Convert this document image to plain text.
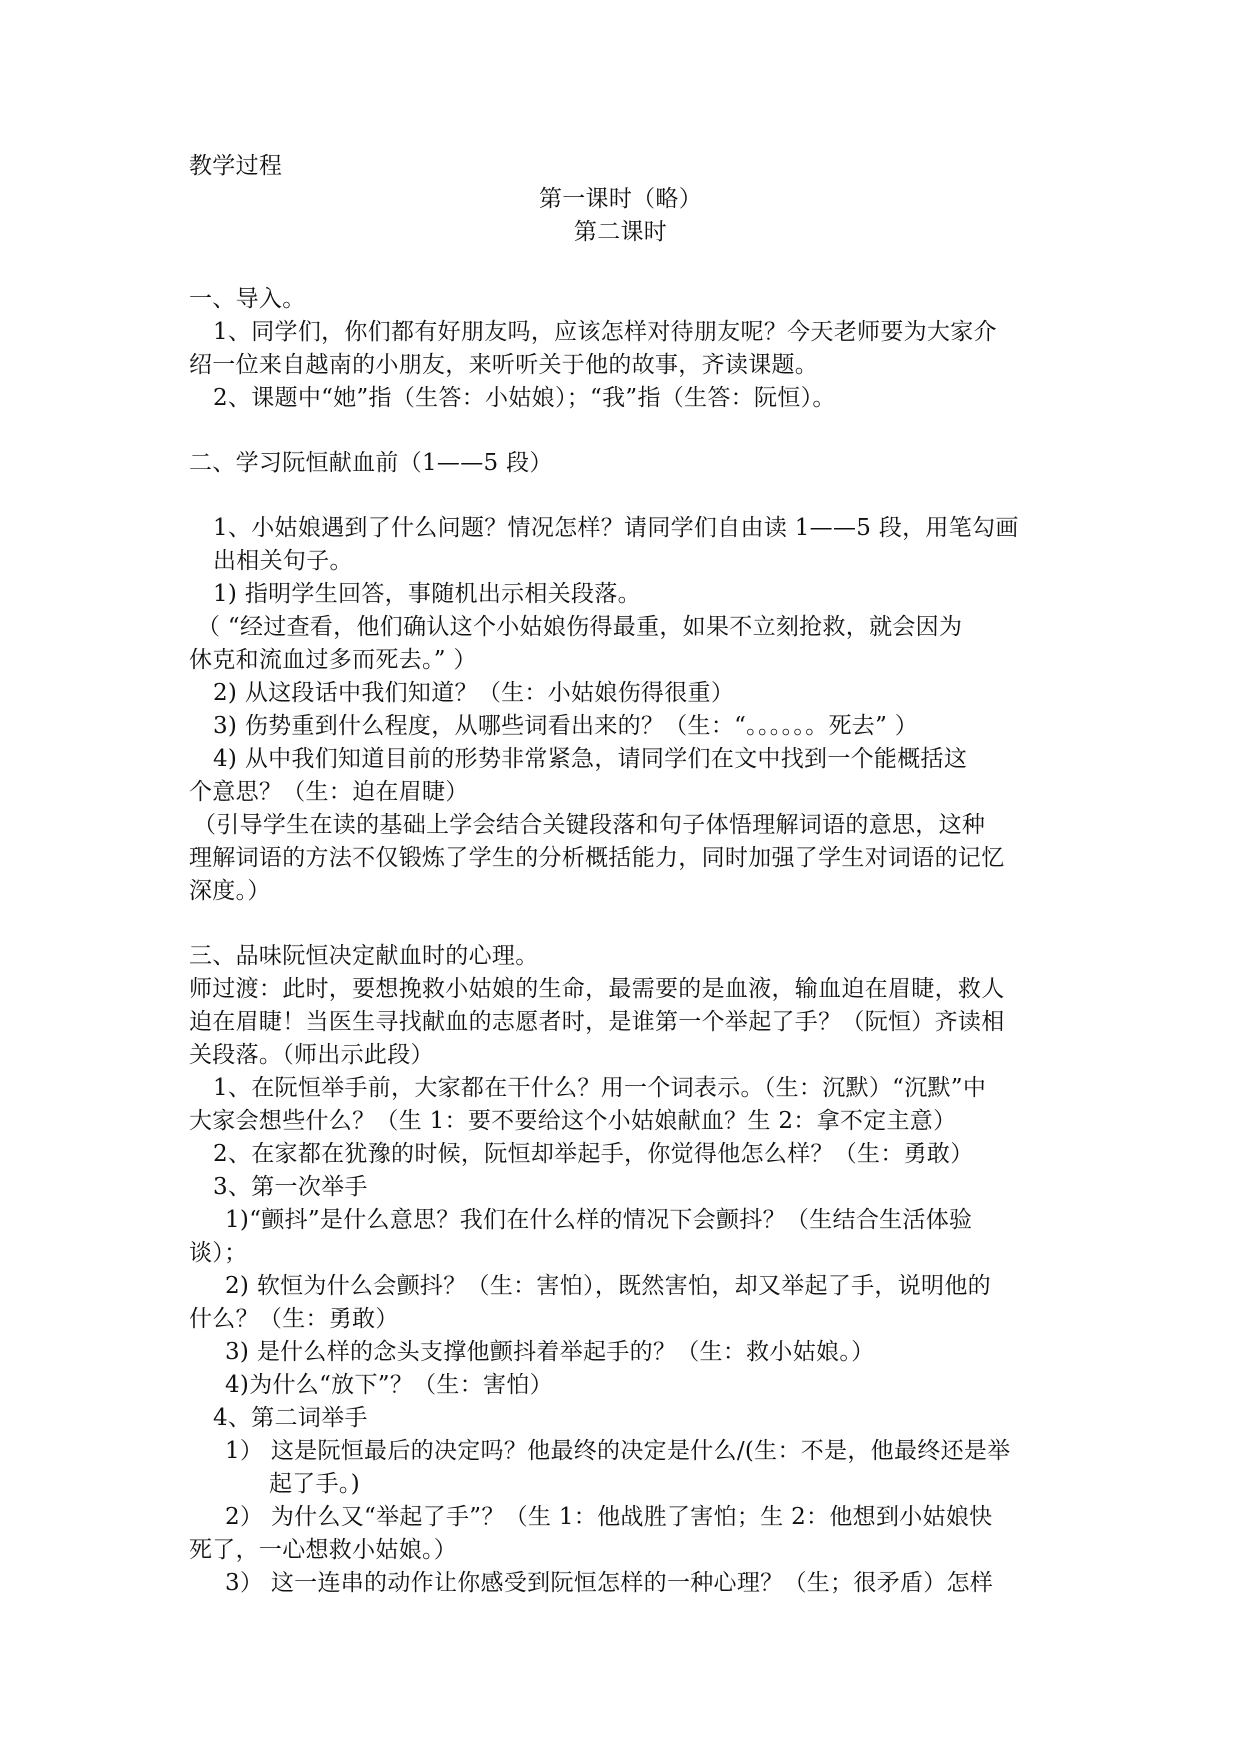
教学过程
第一课时（略）
第二课时
一、导入。
1、同学们，你们都有好朋友吗，应该怎样对待朋友呢？今天老师要为大家介
绍一位来自越南的小朋友，来听听关于他的故事，齐读课题。
2、课题中“她”指（生答：小姑娘）；“我”指（生答：阮恒）。
二、学习阮恒献血前（1——5 段）
1、小姑娘遇到了什么问题？情况怎样？请同学们自由读 1——5 段，用笔勾画
出相关句子。
1) 指明学生回答，事随机出示相关段落。
（ “经过查看，他们确认这个小姑娘伤得最重，如果不立刻抢救，就会因为
休克和流血过多而死去。” ）
2) 从这段话中我们知道？（生：小姑娘伤得很重）
3) 伤势重到什么程度，从哪些词看出来的？（生：“。。。。。。死去” ）
4) 从中我们知道目前的形势非常紧急，请同学们在文中找到一个能概括这
个意思？（生：迫在眉睫）
（引导学生在读的基础上学会结合关键段落和句子体悟理解词语的意思，这种
理解词语的方法不仅锻炼了学生的分析概括能力，同时加强了学生对词语的记忆
深度。）
三、品味阮恒决定献血时的心理。
师过渡：此时，要想挽救小姑娘的生命，最需要的是血液，输血迫在眉睫，救人
迫在眉睫！当医生寻找献血的志愿者时，是谁第一个举起了手？（阮恒）齐读相
关段落。（师出示此段）
1、在阮恒举手前，大家都在干什么？用一个词表示。（生：沉默）“沉默”中
大家会想些什么？（生 1：要不要给这个小姑娘献血？生 2：拿不定主意）
2、在家都在犹豫的时候，阮恒却举起手，你觉得他怎么样？（生：勇敢）
3、第一次举手
1)“颤抖”是什么意思？我们在什么样的情况下会颤抖？（生结合生活体验
谈）；
2) 软恒为什么会颤抖？（生：害怕），既然害怕，却又举起了手，说明他的
什么？（生：勇敢）
3) 是什么样的念头支撑他颤抖着举起手的？（生：救小姑娘。）
4)为什么“放下”？（生：害怕）
4、第二词举手
1） 这是阮恒最后的决定吗？他最终的决定是什么/(生：不是，他最终还是举
起了手。)
2） 为什么又“举起了手”？（生 1：他战胜了害怕；生 2：他想到小姑娘快
死了，一心想救小姑娘。）
3） 这一连串的动作让你感受到阮恒怎样的一种心理？（生；很矛盾）怎样
